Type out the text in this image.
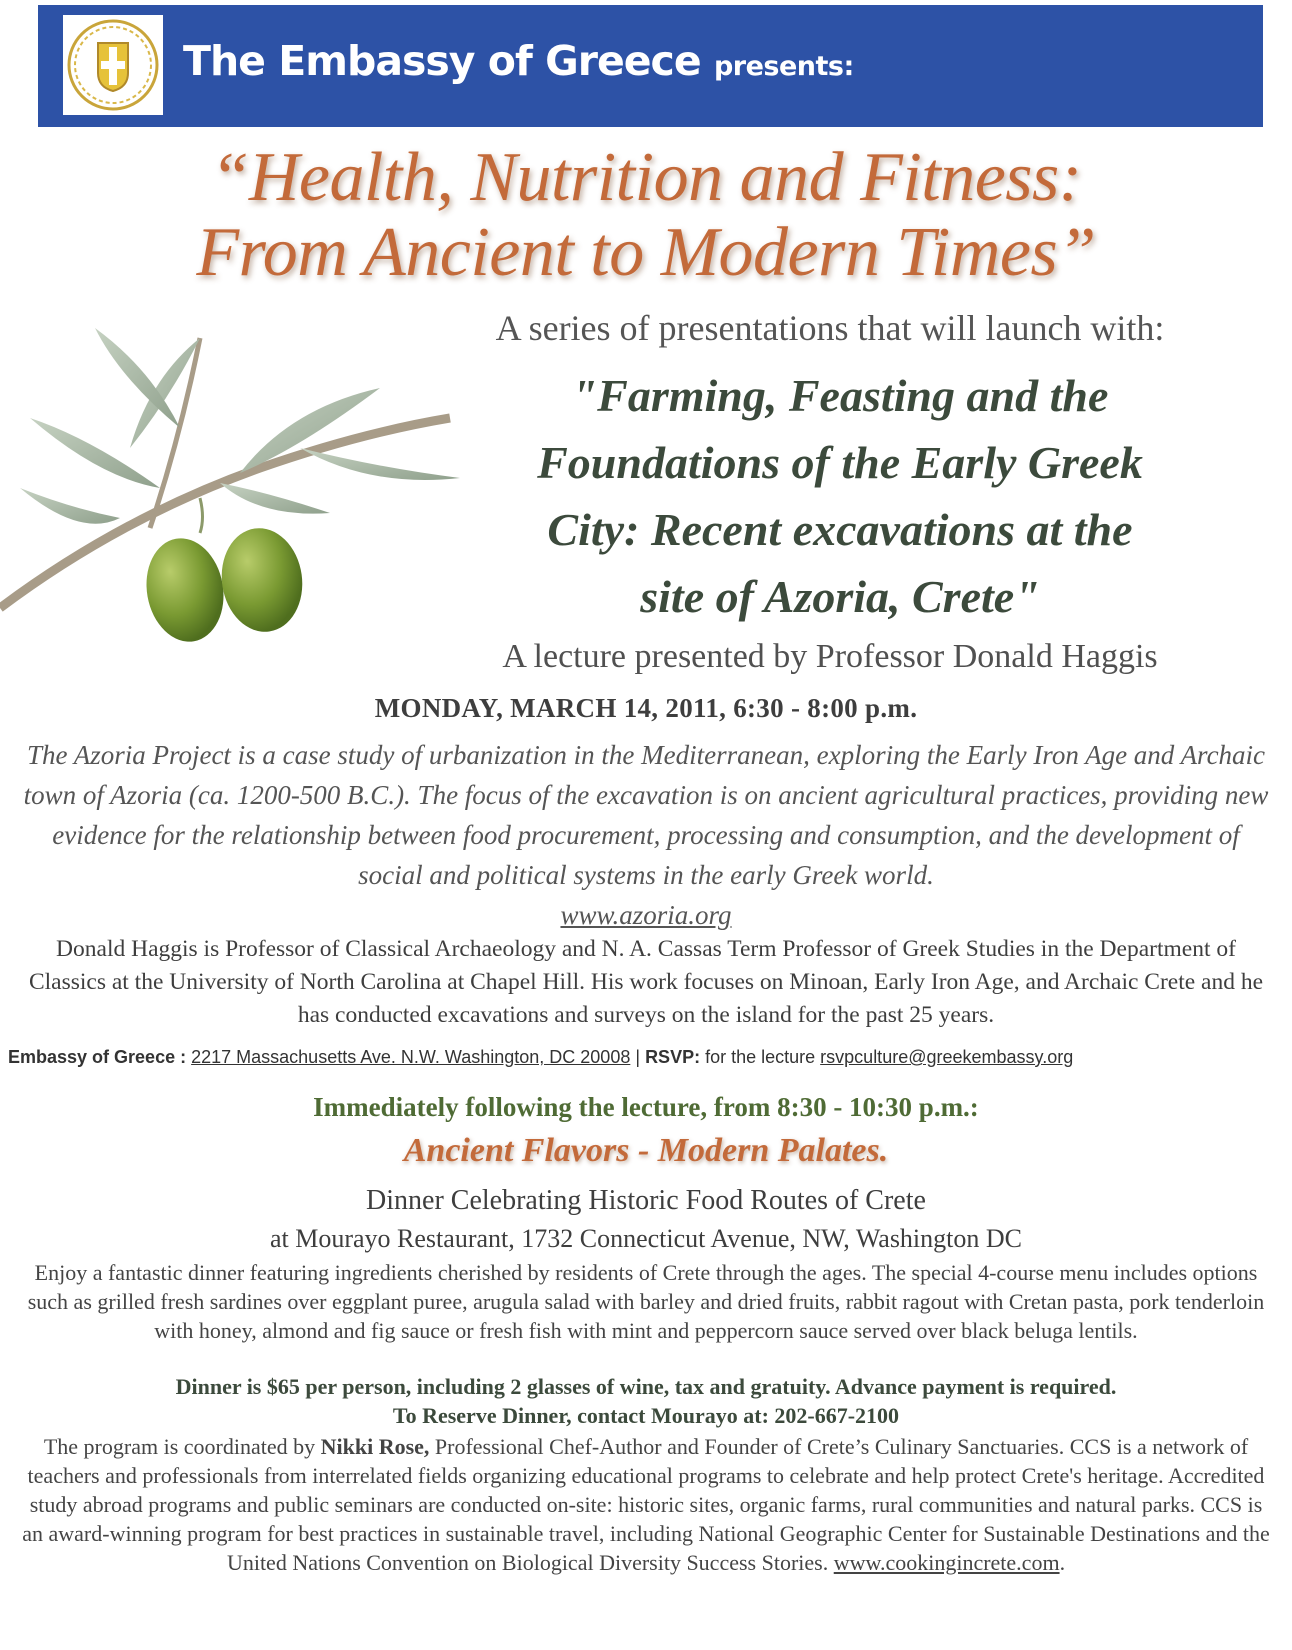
The Embassy of Greece presents:
“Health, Nutrition and Fitness:
From Ancient to Modern Times”
A series of presentations that will launch with:
"Farming, Feasting and the
Foundations of the Early Greek
City: Recent excavations at the
site of Azoria, Crete"
A lecture presented by Professor Donald Haggis
MONDAY, MARCH 14, 2011, 6:30 - 8:00 p.m.
The Azoria Project is a case study of urbanization in the Mediterranean, exploring the Early Iron Age and Archaic town of Azoria (ca. 1200-500 B.C.). The focus of the excavation is on ancient agricultural practices, providing new evidence for the relationship between food procurement, processing and consumption, and the development of social and political systems in the early Greek world.
www.azoria.org
Donald Haggis is Professor of Classical Archaeology and N. A. Cassas Term Professor of Greek Studies in the Department of Classics at the University of North Carolina at Chapel Hill. His work focuses on Minoan, Early Iron Age, and Archaic Crete and he has conducted excavations and surveys on the island for the past 25 years.
Embassy of Greece : 2217 Massachusetts Ave. N.W. Washington, DC 20008 | RSVP: for the lecture rsvpculture@greekembassy.org
Immediately following the lecture, from 8:30 - 10:30 p.m.:
Ancient Flavors - Modern Palates.
Dinner Celebrating Historic Food Routes of Crete
at Mourayo Restaurant, 1732 Connecticut Avenue, NW, Washington DC
Enjoy a fantastic dinner featuring ingredients cherished by residents of Crete through the ages. The special 4-course menu includes options such as grilled fresh sardines over eggplant puree, arugula salad with barley and dried fruits, rabbit ragout with Cretan pasta, pork tenderloin with honey, almond and fig sauce or fresh fish with mint and peppercorn sauce served over black beluga lentils.
Dinner is $65 per person, including 2 glasses of wine, tax and gratuity. Advance payment is required.
To Reserve Dinner, contact Mourayo at: 202-667-2100
The program is coordinated by Nikki Rose, Professional Chef-Author and Founder of Crete’s Culinary Sanctuaries. CCS is a network of teachers and professionals from interrelated fields organizing educational programs to celebrate and help protect Crete's heritage. Accredited study abroad programs and public seminars are conducted on-site: historic sites, organic farms, rural communities and natural parks. CCS is an award-winning program for best practices in sustainable travel, including National Geographic Center for Sustainable Destinations and the United Nations Convention on Biological Diversity Success Stories. www.cookingincrete.com.
